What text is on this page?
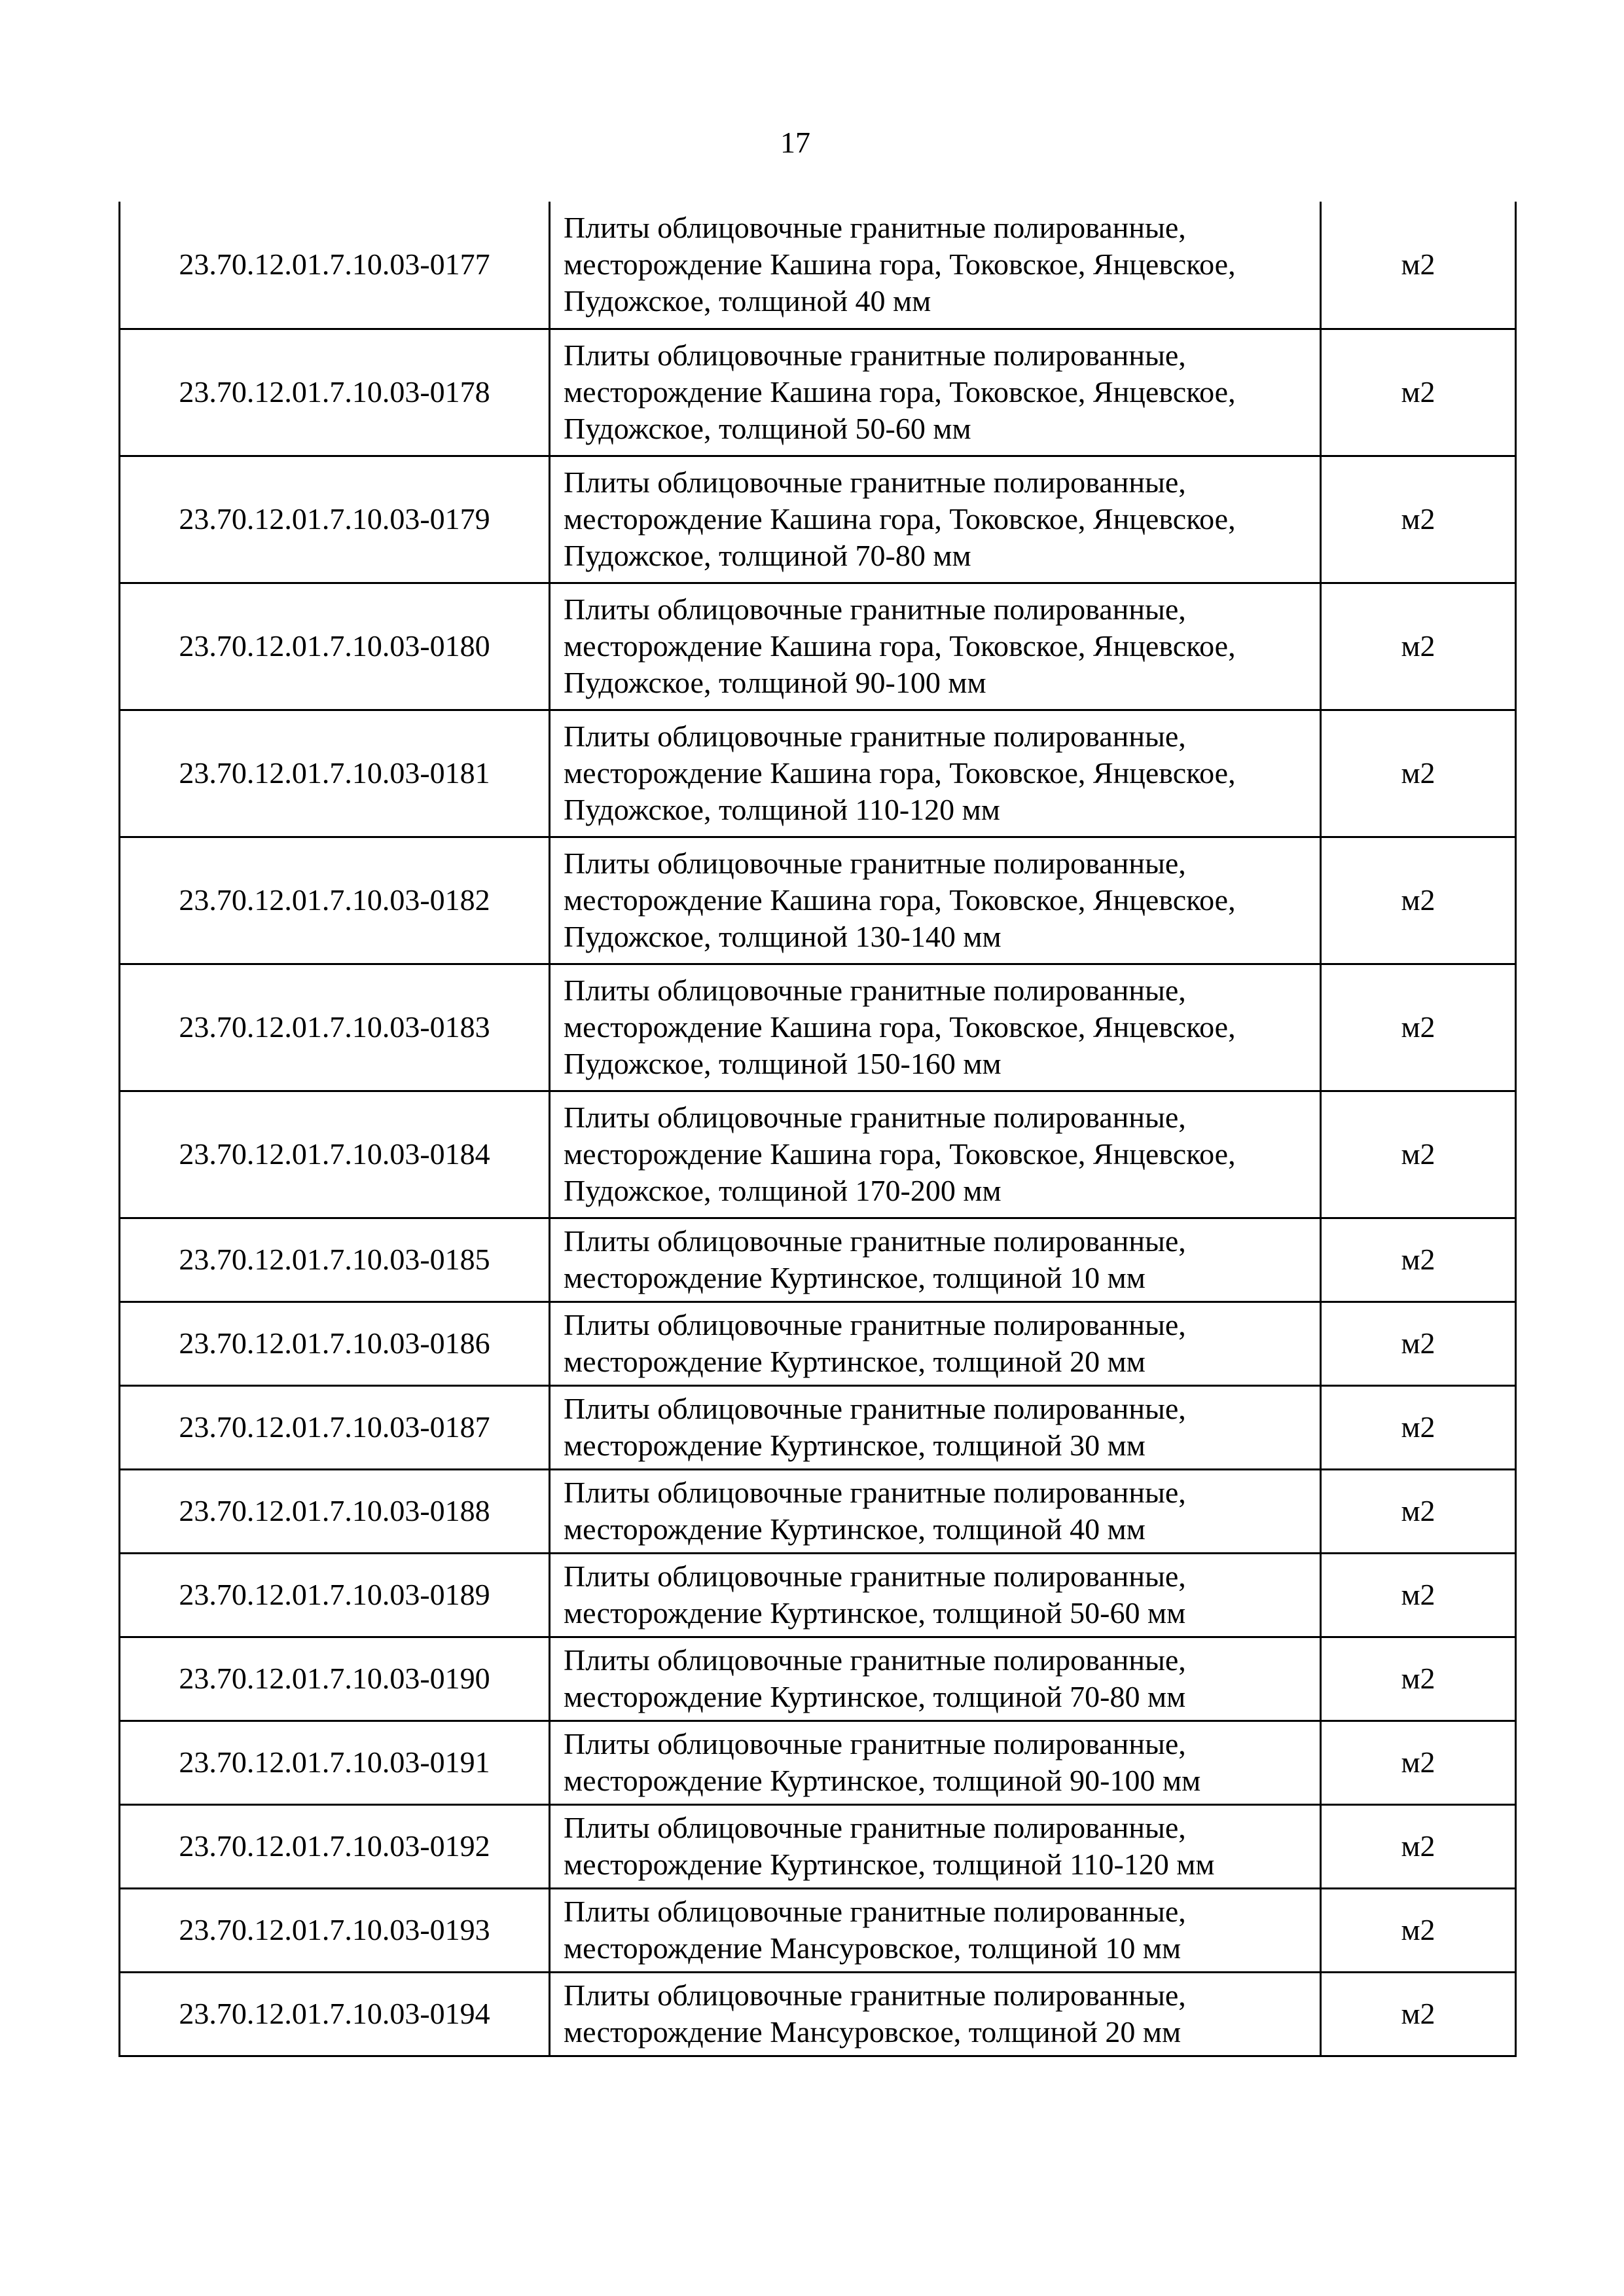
17
23.70.12.01.7.10.03-0177	Плиты облицовочные гранитные полированные,
месторождение Кашина гора, Токовское, Янцевское,
Пудожское, толщиной 40 мм	м2
23.70.12.01.7.10.03-0178	Плиты облицовочные гранитные полированные,
месторождение Кашина гора, Токовское, Янцевское,
Пудожское, толщиной 50-60 мм	м2
23.70.12.01.7.10.03-0179	Плиты облицовочные гранитные полированные,
месторождение Кашина гора, Токовское, Янцевское,
Пудожское, толщиной 70-80 мм	м2
23.70.12.01.7.10.03-0180	Плиты облицовочные гранитные полированные,
месторождение Кашина гора, Токовское, Янцевское,
Пудожское, толщиной 90-100 мм	м2
23.70.12.01.7.10.03-0181	Плиты облицовочные гранитные полированные,
месторождение Кашина гора, Токовское, Янцевское,
Пудожское, толщиной 110-120 мм	м2
23.70.12.01.7.10.03-0182	Плиты облицовочные гранитные полированные,
месторождение Кашина гора, Токовское, Янцевское,
Пудожское, толщиной 130-140 мм	м2
23.70.12.01.7.10.03-0183	Плиты облицовочные гранитные полированные,
месторождение Кашина гора, Токовское, Янцевское,
Пудожское, толщиной 150-160 мм	м2
23.70.12.01.7.10.03-0184	Плиты облицовочные гранитные полированные,
месторождение Кашина гора, Токовское, Янцевское,
Пудожское, толщиной 170-200 мм	м2
23.70.12.01.7.10.03-0185	Плиты облицовочные гранитные полированные,
месторождение Куртинское, толщиной 10 мм	м2
23.70.12.01.7.10.03-0186	Плиты облицовочные гранитные полированные,
месторождение Куртинское, толщиной 20 мм	м2
23.70.12.01.7.10.03-0187	Плиты облицовочные гранитные полированные,
месторождение Куртинское, толщиной 30 мм	м2
23.70.12.01.7.10.03-0188	Плиты облицовочные гранитные полированные,
месторождение Куртинское, толщиной 40 мм	м2
23.70.12.01.7.10.03-0189	Плиты облицовочные гранитные полированные,
месторождение Куртинское, толщиной 50-60 мм	м2
23.70.12.01.7.10.03-0190	Плиты облицовочные гранитные полированные,
месторождение Куртинское, толщиной 70-80 мм	м2
23.70.12.01.7.10.03-0191	Плиты облицовочные гранитные полированные,
месторождение Куртинское, толщиной 90-100 мм	м2
23.70.12.01.7.10.03-0192	Плиты облицовочные гранитные полированные,
месторождение Куртинское, толщиной 110-120 мм	м2
23.70.12.01.7.10.03-0193	Плиты облицовочные гранитные полированные,
месторождение Мансуровское, толщиной 10 мм	м2
23.70.12.01.7.10.03-0194	Плиты облицовочные гранитные полированные,
месторождение Мансуровское, толщиной 20 мм	м2
